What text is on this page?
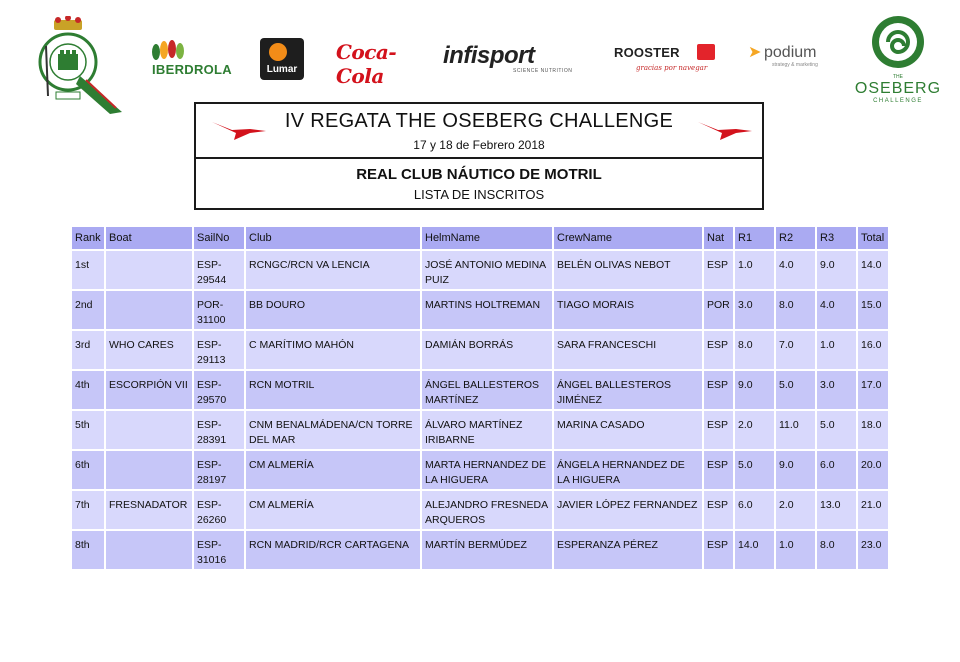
IBERDROLA	Lumar
Coca-Cola
infisport
SCIENCE NUTRITION
ROOSTER
gracias por navegar
➤ podium
strategy & marketing
THE
OSEBERG
CHALLENGE
IV REGATA THE OSEBERG CHALLENGE
17 y 18 de Febrero 2018
REAL CLUB NÁUTICO DE MOTRIL
LISTA DE INSCRITOS
Rank	Boat	SailNo	Club	HelmName	CrewName	Nat	R1	R2	R3	Total
1st		ESP-29544	RCNGC/RCN VA LENCIA	JOSÉ ANTONIO MEDINA PUIZ	BELÉN OLIVAS NEBOT	ESP	1.0	4.0	9.0	14.0
2nd		POR-31100	BB DOURO	MARTINS HOLTREMAN	TIAGO MORAIS	POR	3.0	8.0	4.0	15.0
3rd	WHO CARES	ESP-29113	C MARÍTIMO MAHÓN	DAMIÁN BORRÁS	SARA FRANCESCHI	ESP	8.0	7.0	1.0	16.0
4th	ESCORPIÓN VII	ESP-29570	RCN MOTRIL	ÁNGEL BALLESTEROS MARTÍNEZ	ÁNGEL BALLESTEROS JIMÉNEZ	ESP	9.0	5.0	3.0	17.0
5th		ESP-28391	CNM BENALMÁDENA/CN TORRE DEL MAR	ÁLVARO MARTÍNEZ IRIBARNE	MARINA CASADO	ESP	2.0	11.0	5.0	18.0
6th		ESP-28197	CM ALMERÍA	MARTA HERNANDEZ DE LA HIGUERA	ÁNGELA HERNANDEZ DE LA HIGUERA	ESP	5.0	9.0	6.0	20.0
7th	FRESNADATOR	ESP-26260	CM ALMERÍA	ALEJANDRO FRESNEDA ARQUEROS	JAVIER LÓPEZ FERNANDEZ	ESP	6.0	2.0	13.0	21.0
8th		ESP-31016	RCN MADRID/RCR CARTAGENA	MARTÍN BERMÚDEZ	ESPERANZA PÉREZ	ESP	14.0	1.0	8.0	23.0
